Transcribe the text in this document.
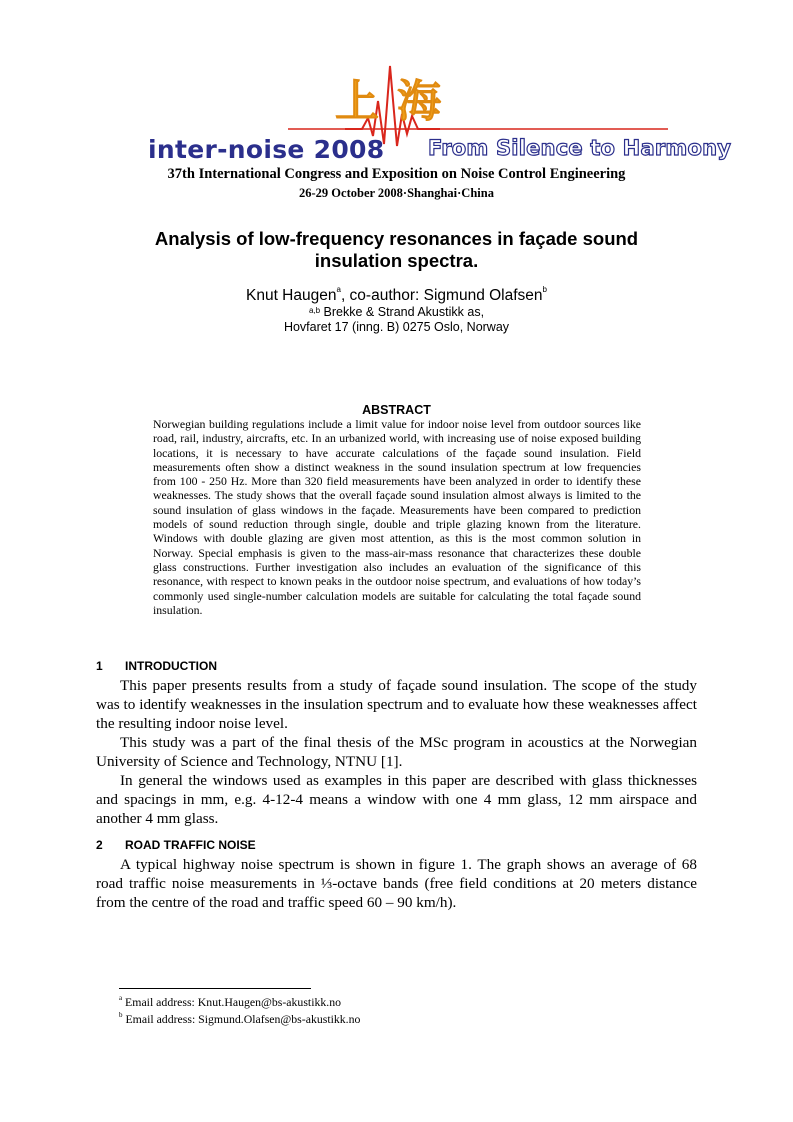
上海
inter-noise 2008 From Silence to Harmony
37th International Congress and Exposition on Noise Control Engineering
26-29 October 2008·Shanghai·China
Analysis of low-frequency resonances in façade sound insulation spectra.
Knut Haugen$^a$, co-author: Sigmund Olafsen$^b$
$^{a,b}$ Brekke & Strand Akustikk as,
Hovfaret 17 (inng. B) 0275 Oslo, Norway
ABSTRACT
Norwegian building regulations include a limit value for indoor noise level from outdoor sources like road, rail, industry, aircrafts, etc. In an urbanized world, with increasing use of noise exposed building locations, it is necessary to have accurate calculations of the façade sound insulation. Field measurements often show a distinct weakness in the sound insulation spectrum at low frequencies from 100 - 250 Hz. More than 320 field measurements have been analyzed in order to identify these weaknesses. The study shows that the overall façade sound insulation almost always is limited to the sound insulation of glass windows in the façade. Measurements have been compared to prediction models of sound reduction through single, double and triple glazing known from the literature. Windows with double glazing are given most attention, as this is the most common solution in Norway. Special emphasis is given to the mass-air-mass resonance that characterizes these double glass constructions. Further investigation also includes an evaluation of the significance of this resonance, with respect to known peaks in the outdoor noise spectrum, and evaluations of how today’s commonly used single-number calculation models are suitable for calculating the total façade sound insulation.
1 INTRODUCTION
This paper presents results from a study of façade sound insulation. The scope of the study was to identify weaknesses in the insulation spectrum and to evaluate how these weaknesses affect the resulting indoor noise level.
This study was a part of the final thesis of the MSc program in acoustics at the Norwegian University of Science and Technology, NTNU [1].
In general the windows used as examples in this paper are described with glass thicknesses and spacings in mm, e.g. 4-12-4 means a window with one 4 mm glass, 12 mm airspace and another 4 mm glass.
2 ROAD TRAFFIC NOISE
A typical highway noise spectrum is shown in figure 1. The graph shows an average of 68 road traffic noise measurements in ⅓-octave bands (free field conditions at 20 meters distance from the centre of the road and traffic speed 60 – 90 km/h).
$^a$ Email address: Knut.Haugen@bs-akustikk.no
$^b$ Email address: Sigmund.Olafsen@bs-akustikk.no
